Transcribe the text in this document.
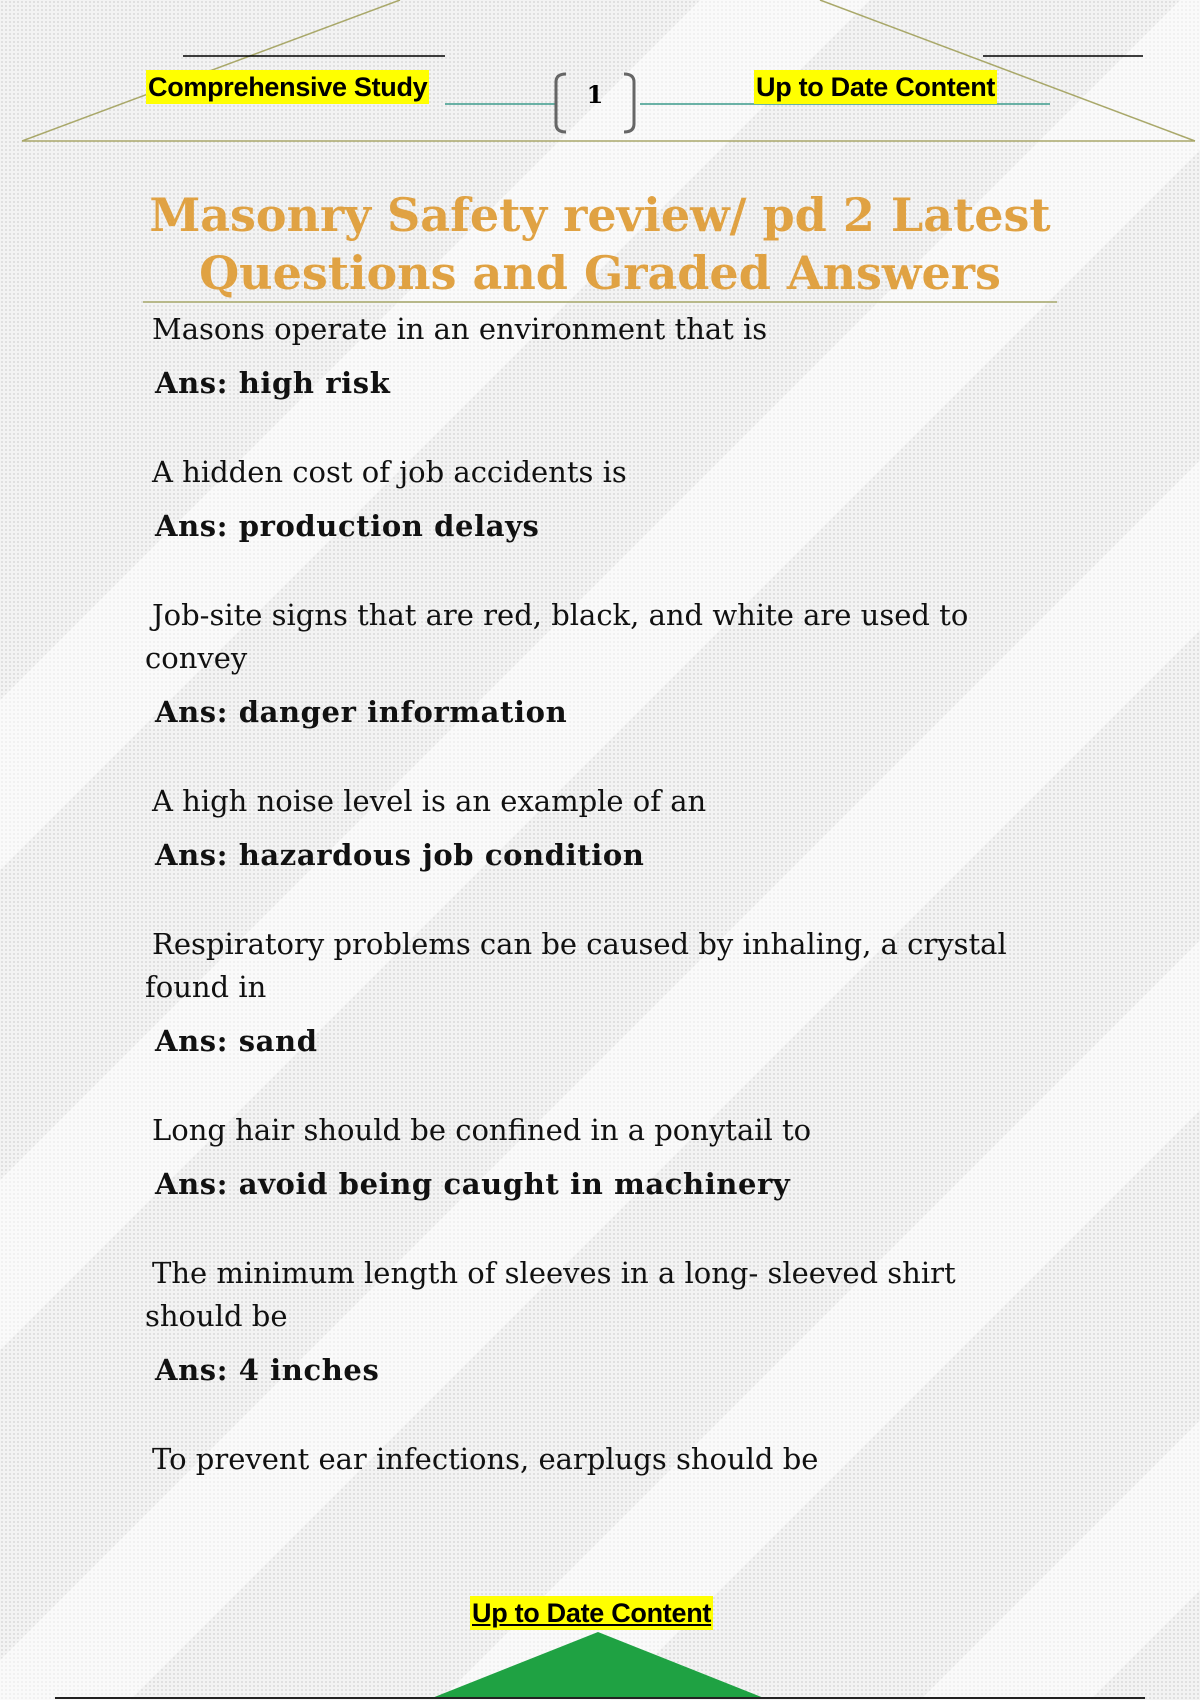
Comprehensive Study	Up to Date Content
1
Masonry Safety review/ pd 2 Latest Questions and Graded Answers

Masons operate in an environment that is

Ans: high risk

A hidden cost of job accidents is

Ans: production delays

Job-site signs that are red, black, and white are used to convey

Ans: danger information

A high noise level is an example of an

Ans: hazardous job condition

Respiratory problems can be caused by inhaling, a crystal found in

Ans: sand

Long hair should be confined in a ponytail to

Ans: avoid being caught in machinery

The minimum length of sleeves in a long- sleeved shirt should be

Ans: 4 inches

To prevent ear infections, earplugs should be

Up to Date Content
